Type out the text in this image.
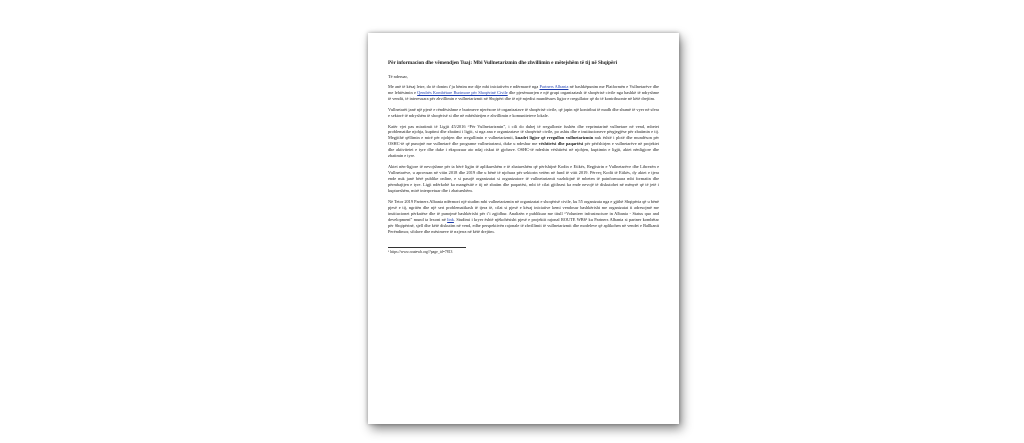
Për informacion dhe vëmendjen Tuaj: Mbi Vullnetarizmin dhe zhvillimin e mëtejshëm të tij në Shqipëri
Të nderuar,

Me anë të kësaj letre, do të donim t’ju bënim me dije mbi iniciativën e ndërmarrë nga Partners Albania në bashkëpunim me Platformën e Vullnetarëve dhe me lehtësimin e Qendrës Kombëtare Burimore për Shoqërinë Civile dhe pjesëmarrjen e një grupi organizatash të shoqërisë civile nga bashkë të ndryshme të vendit, të interesuara për zhvillimin e vullnetarizmit në Shqipëri dhe të një mjedisi mundësues ligjor e rregullator që do të kontribuonte në këtë drejtim.

Vullnetarët janë një pjesë e rëndësishme e burimeve njerëzore të organizatave të shoqërisë civile, që japin një kontribut të madh dhe shumë të vyer në sfera e sektorë të ndryshëm të shoqërisë si dhe në mbështetjen e zhvillimin e komuniteteve lokale.

Katër vjet pas miratimit të Ligjit 45/2016 “Për Vullnetarizmin”, i cili do duhej të rregullonte fushën dhe veprimtarinë vullnetare në vend, mbetet problematike njohja, kuptimi dhe zbatimi i ligjit, si nga ana e organizatave të shoqërisë civile, po ashtu dhe e institucioneve përgjegjëse për zbatimin e tij. Megjithë qëllimin e mirë për njohjen dhe rregullimin e vullnetarizmit, kuadri ligjor që rregullon vullnetarizmin nuk është i plotë dhe mundëson për OSHC-të që punojnë me vullnetarë dhe programe vullnetarizmi, duke u ndeshur me vështirësi dhe paqartësi për përfshirjen e vullnetarëve në projektet dhe aktivitetet e tyre dhe duke i ekspozuar ato ndaj riskut të gjobave. OSHC-të ndeshin vështirësi në njohjen, kuptimin e ligjit, aktet nënligjore dhe zbatimin e tyre.

Aktet nën-ligjore të nevojshme për ta bërë ligjin të aplikueshëm e të zbatueshëm që përfshijnë Kodin e Etikës, Regjistrin e Vullnetarëve dhe Librezën e Vullnetarëve, u aprovuan në vitin 2018 dhe 2019 dhe u bënë të njohura për sektorin vetëm në fund të vitit 2019. Përveç Kodit të Etikës, dy aktet e tjera ende nuk janë bërë publike online, e si pasojë organizatat si organizatore të vullnetarizmit vazhdojnë të mbeten të painformuara mbi formatin dhe përmbajtjen e tyre. Ligji ndërkohë ka mangësitë e tij në zbatim dhe paqartësi, mbi të cilat gjithsesi ka ende nevojë të diskutohet në mënyrë që të jetë i kuptueshëm, mirë interpretuar dhe i zbatueshëm.

Në Tetor 2019 Partners Albania ndërmori një studim mbi vullnetarizmin në organizatat e shoqërisë civile, ku 55 organizata nga e gjithë Shqipëria që u bënë pjesë e tij, ngritën dhe një seri problematikash të tjera të, cilat si pjesë e kësaj iniciative kemi vendosur bashkërisht me organizatat ti adresojmë me institucionet përkatëse dhe të punojmë bashkërisht për t’i zgjidhur. Analizën e publikuar me titull “Volunteer infrastructure in Albania - Status quo and development” mund ta lexoni në link. Studimi i kryer është njëkohësisht pjesë e projektit rajonal ROUTE WB6¹ ku Partners Albania si partner kombëtar për Shqipërinë, sjell dhe këtë diskutim në vend, edhe perspektivën rajonale të zhvillimit të vullnetarizmit dhe modeleve që aplikohen në vendet e Ballkanit Perëndimor, sfidave dhe mësimeve të nxjerra në këtë drejtim.

¹ https://www.routewb.org/?page_id=7813
